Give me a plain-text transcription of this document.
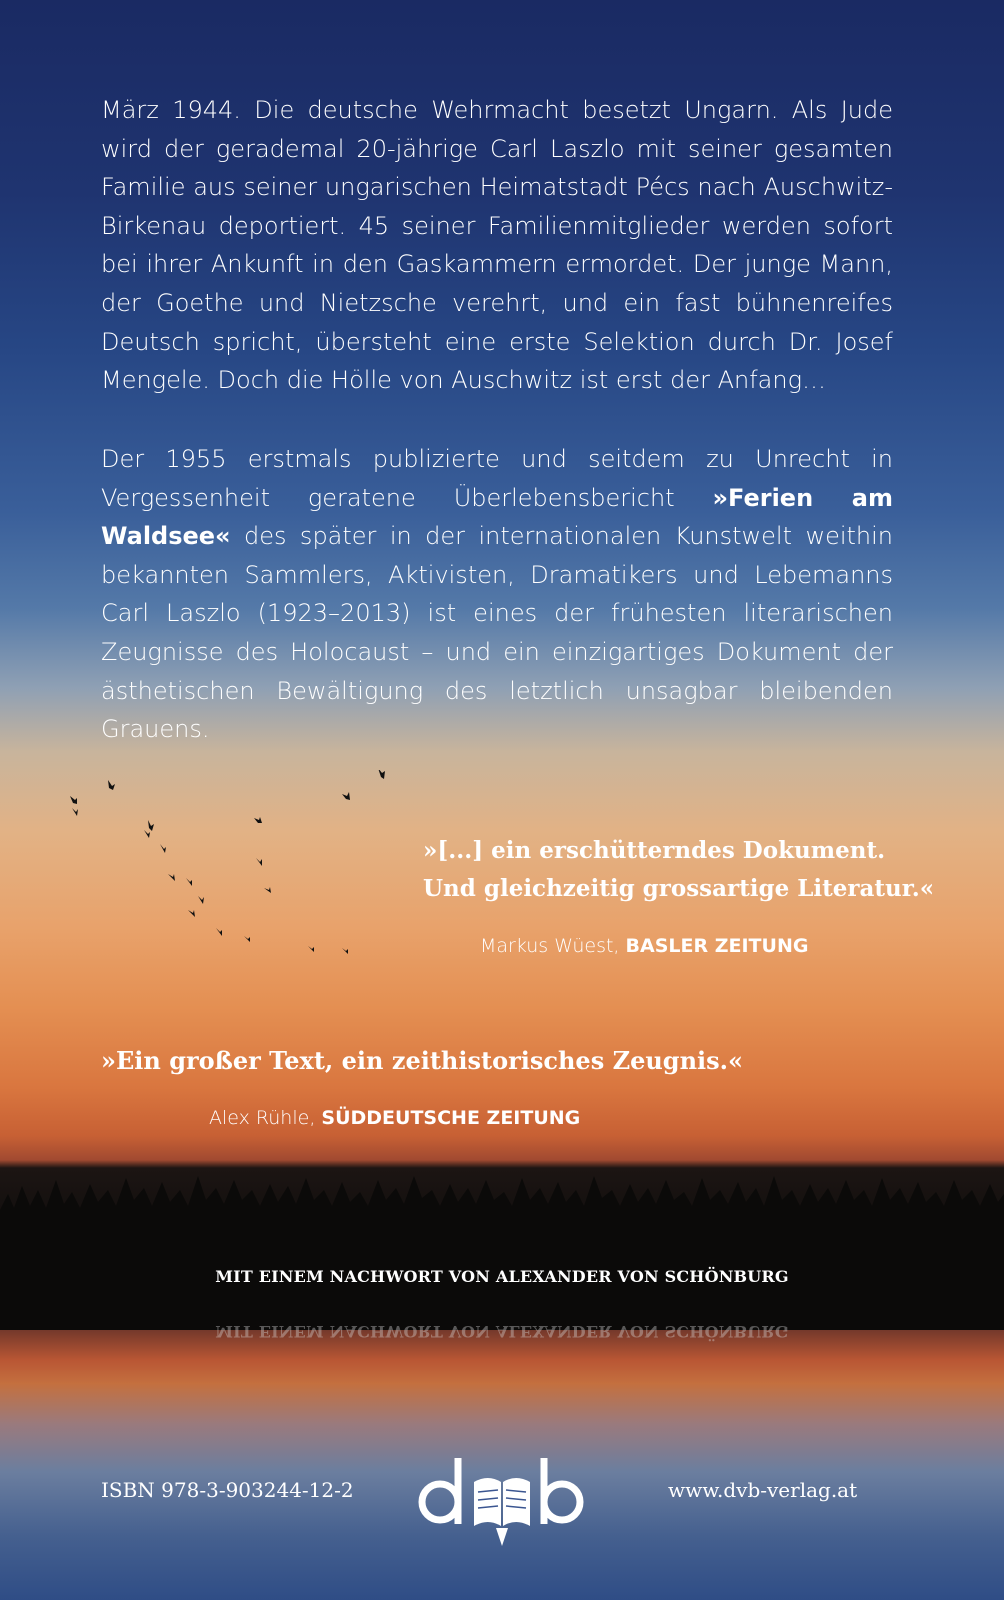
März 1944. Die deutsche Wehrmacht besetzt Ungarn. Als Jude wird der gerademal 20-jährige Carl Laszlo mit seiner gesamten Familie aus seiner ungarischen Heimatstadt Pécs nach Auschwitz-Birkenau deportiert. 45 seiner Familienmitglieder werden sofort bei ihrer Ankunft in den Gaskammern ermordet. Der junge Mann, der Goethe und Nietzsche verehrt, und ein fast bühnenreifes Deutsch spricht, übersteht eine erste Selektion durch Dr. Josef Mengele. Doch die Hölle von Auschwitz ist erst der Anfang…

Der 1955 erstmals publizierte und seitdem zu Unrecht in Vergessenheit geratene Überlebensbericht »Ferien am Waldsee« des später in der internationalen Kunstwelt weithin bekannten Sammlers, Aktivisten, Dramatikers und Lebemanns Carl Laszlo (1923–2013) ist eines der frühesten literarischen Zeugnisse des Holocaust – und ein einzigartiges Dokument der ästhetischen Bewältigung des letztlich unsagbar bleibenden Grauens.

»[...] ein erschütterndes Dokument.
Und gleichzeitig grossartige Literatur.«

Markus Wüest, BASLER ZEITUNG

»Ein großer Text, ein zeithistorisches Zeugnis.«

Alex Rühle, SÜDDEUTSCHE ZEITUNG

MIT EINEM NACHWORT VON ALEXANDER VON SCHÖNBURG

MIT EINEM NACHWORT VON ALEXANDER VON SCHÖNBURG

ISBN 978-3-903244-12-2	www.dvb-verlag.at
